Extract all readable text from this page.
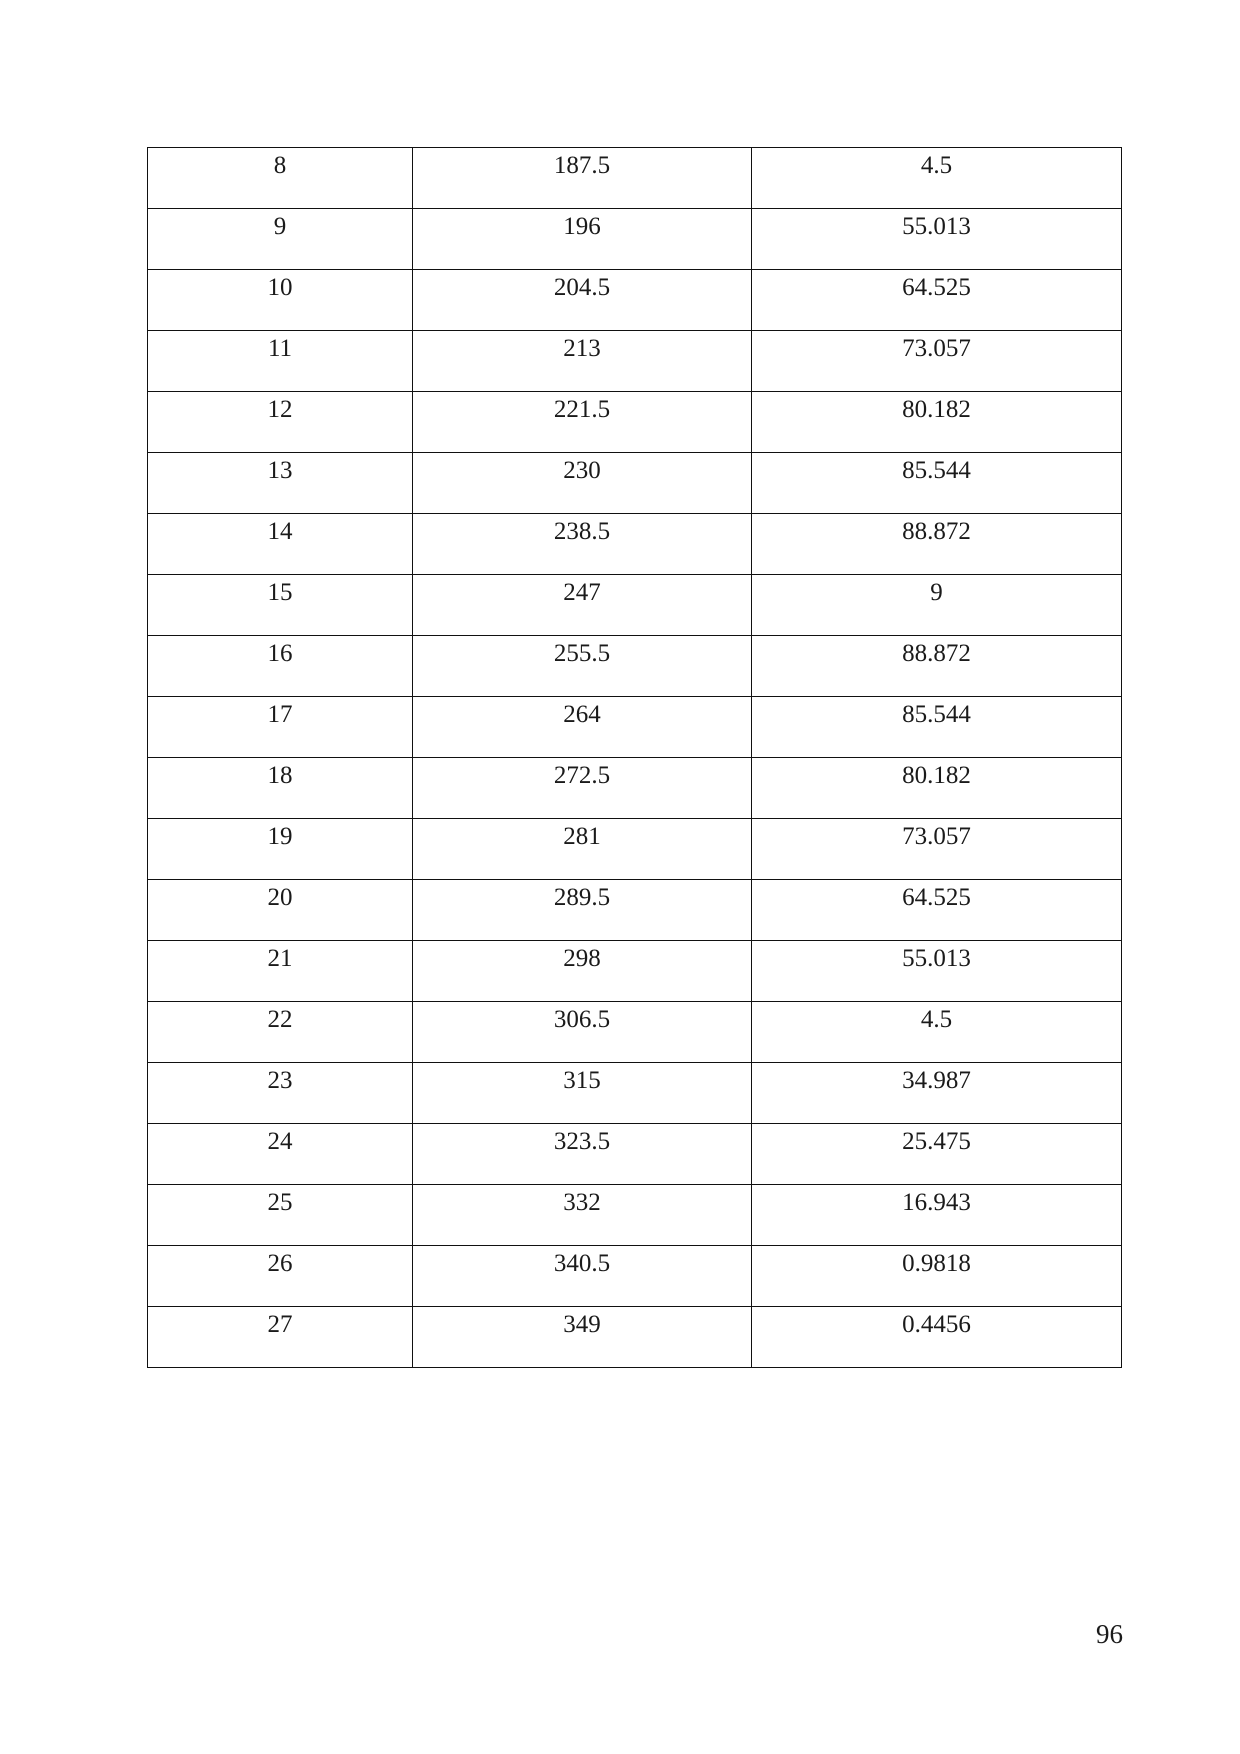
8	187.5	4.5
9	196	55.013
10	204.5	64.525
11	213	73.057
12	221.5	80.182
13	230	85.544
14	238.5	88.872
15	247	9
16	255.5	88.872
17	264	85.544
18	272.5	80.182
19	281	73.057
20	289.5	64.525
21	298	55.013
22	306.5	4.5
23	315	34.987
24	323.5	25.475
25	332	16.943
26	340.5	0.9818
27	349	0.4456
96
